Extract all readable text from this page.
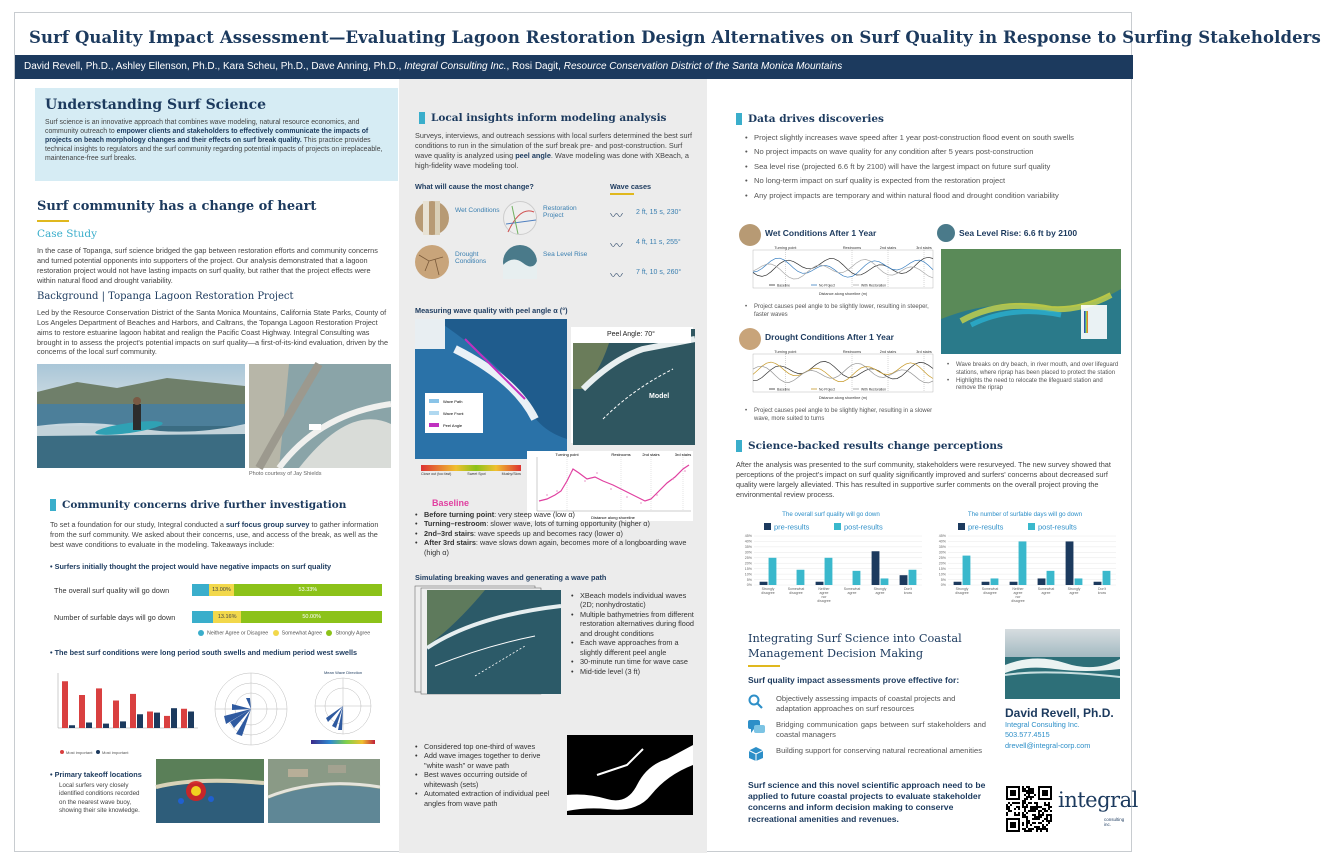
Surf Quality Impact Assessment—Evaluating Lagoon Restoration Design Alternatives on Surf Quality in Response to Surfing Stakeholders
David Revell, Ph.D., Ashley Ellenson, Ph.D., Kara Scheu, Ph.D., Dave Anning, Ph.D., Integral Consulting Inc., Rosi Dagit, Resource Conservation District of the Santa Monica Mountains
Understanding Surf Science
Surf science is an innovative approach that combines wave modeling, natural resource economics, and community outreach to empower clients and stakeholders to effectively communicate the impacts of projects on beach morphology changes and their effects on surf break quality. This practice provides technical insights to regulators and the surf community regarding potential impacts of projects on irreplaceable, maintenance-free surf breaks.
Surf community has a change of heart
Case Study
In the case of Topanga, surf science bridged the gap between restoration efforts and community concerns and turned potential opponents into supporters of the project. Our analysis demonstrated that a lagoon restoration project would not have lasting impacts on surf quality, but rather that the project effects were within natural flood and drought variability.
Background | Topanga Lagoon Restoration Project
Led by the Resource Conservation District of the Santa Monica Mountains, California State Parks, County of Los Angeles Department of Beaches and Harbors, and Caltrans, the Topanga Lagoon Restoration Project aims to restore estuarine lagoon habitat and realign the Pacific Coast Highway. Integral Consulting was brought in to assess the project's potential impacts on surf quality—a first-of-its-kind evaluation, driven by the concerns of the local surf community.
Photo courtesy of Jay Shields
Community concerns drive further investigation
To set a foundation for our study, Integral conducted a surf focus group survey to gather information from the surf community. We asked about their concerns, use, and access of the break, as well as the best wave conditions to evaluate in the modeling. Takeaways include:
• Surfers initially thought the project would have negative impacts on surf quality
The overall surf quality will go down	13.00%	53.33%
Number of surfable days will go down	13.16%	50.00%
Neither Agree or Disagree	Somewhat Agree	Strongly Agree
• The best surf conditions were long period south swells and medium period west swells
Most important Most important
Mean Wave Direction
• Primary takeoff locations
Local surfers very closely identified conditions recorded on the nearest wave buoy, showing their site knowledge.
Local insights inform modeling analysis
Surveys, interviews, and outreach sessions with local surfers determined the best surf conditions to run in the simulation of the surf break pre- and post-construction. Surf wave quality is analyzed using peel angle. Wave modeling was done with XBeach, a high-fidelity wave modeling tool.
What will cause the most change?	Wave cases
Wet Conditions	Restoration Project
Drought Conditions
Sea Level Rise
〰 2 ft, 15 s, 230°
〰 4 ft, 11 s, 255°
〰 7 ft, 10 s, 260°
Measuring wave quality with peel angle α (°)
Wave Path
Wave Front
Peel Angle
Peel Angle: 70°
Model
Close out (too fast)	Sweet Spot	Mushy/Slow
Turning point	Restrooms	2nd stairs	3rd stairs
Distance along shoreline
Baseline
• Before turning point: very steep wave (low α)
• Turning–restroom: slower wave, lots of turning opportunity (higher α)
• 2nd–3rd stairs: wave speeds up and becomes racy (lower α)
• After 3rd stairs: wave slows down again, becomes more of a longboarding wave (high α)
Simulating breaking waves and generating a wave path
• XBeach models individual waves (2D; nonhydrostatic)
• Multiple bathymetries from different restoration alternatives during flood and drought conditions
• Each wave approaches from a slightly different peel angle
• 30-minute run time for wave case
• Mid-tide level (3 ft)
• Considered top one-third of waves
• Add wave images together to derive "white wash" or wave path
• Best waves occurring outside of whitewash (sets)
• Automated extraction of individual peel angles from wave path
Data drives discoveries
• Project slightly increases wave speed after 1 year post-construction flood event on south swells
• No project impacts on wave quality for any condition after 5 years post-construction
• Sea level rise (projected 6.6 ft by 2100) will have the largest impact on future surf quality
• No long-term impact on surf quality is expected from the restoration project
• Any project impacts are temporary and within natural flood and drought condition variability
Wet Conditions After 1 Year
Turning point	Restrooms	2nd stairs	3rd stairs
Distance along shoreline (m)
Baseline	No Project	With Restoration
• Project causes peel angle to be slightly lower, resulting in steeper, faster waves
Drought Conditions After 1 Year
Turning point	Restrooms	2nd stairs	3rd stairs
Distance along shoreline (m)
Baseline	No Project	With Restoration
• Project causes peel angle to be slightly higher, resulting in a slower wave, more suited to turns
Sea Level Rise: 6.6 ft by 2100
• Wave breaks on dry beach, in river mouth, and over lifeguard stations, where riprap has been placed to protect the station
• Highlights the need to relocate the lifeguard station and remove the riprap
Science-backed results change perceptions
After the analysis was presented to the surf community, stakeholders were resurveyed. The new survey showed that perceptions of the project's impact on surf quality significantly improved and surfers' concerns about decreased surf quality were largely alleviated. This has resulted in supportive surfer comments on the overall project proving the environmental review process.
The overall surf quality will go down
pre-results	post-results
0%
5%
10%
15%
20%
25%
30%
35%
40%
45%
Strongly
disagree
Somewhat
disagree
Neither
agree
nor
disagree
Somewhat
agree
Strongly
agree
Don't
know
The number of surfable days will go down
pre-results	post-results
0%
5%
10%
15%
20%
25%
30%
35%
40%
45%
Strongly
disagree
Somewhat
disagree
Neither
agree
nor
disagree
Somewhat
agree
Strongly
agree
Don't
know
Integrating Surf Science into Coastal Management Decision Making
Surf quality impact assessments prove effective for:
Objectively assessing impacts of coastal projects and adaptation approaches on surf resources
Bridging communication gaps between surf stakeholders and coastal managers
Building support for conserving natural recreational amenities
Surf science and this novel scientific approach need to be applied to future coastal projects to evaluate stakeholder concerns and inform decision making to conserve recreational amenities and revenues.
David Revell, Ph.D.
Integral Consulting Inc.
503.577.4515
drevell@integral-corp.com
integral
consulting inc.
